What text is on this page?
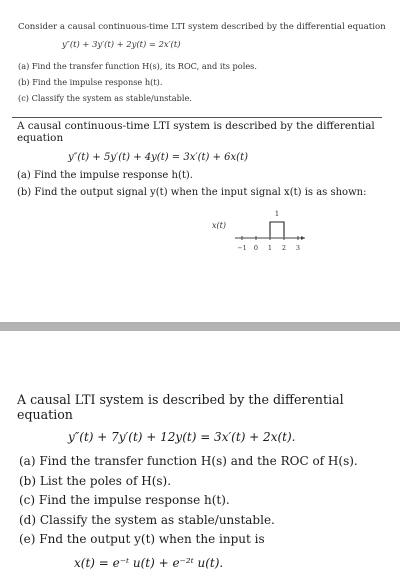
Consider a causal continuous-time LTI system described by the differential equation

y″(t) + 3y′(t) + 2y(t) = 2x′(t)

(a) Find the transfer function H(s), its ROC, and its poles.
(b) Find the impulse response h(t).
(c) Classify the system as stable/unstable.

A causal continuous-time LTI system is described by the differential equation

y″(t) + 5y′(t) + 4y(t) = 3x′(t) + 6x(t)

(a) Find the impulse response h(t).
(b) Find the output signal y(t) when the input signal x(t) is as shown:
x(t)
1
−1 0 1 2 3

A causal LTI system is described by the differential equation

y″(t) + 7y′(t) + 12y(t) = 3x′(t) + 2x(t).

(a) Find the transfer function H(s) and the ROC of H(s).
(b) List the poles of H(s).
(c) Find the impulse response h(t).
(d) Classify the system as stable/unstable.
(e) Fnd the output y(t) when the input is

x(t) = e⁻ᵗ u(t) + e⁻²ᵗ u(t).
